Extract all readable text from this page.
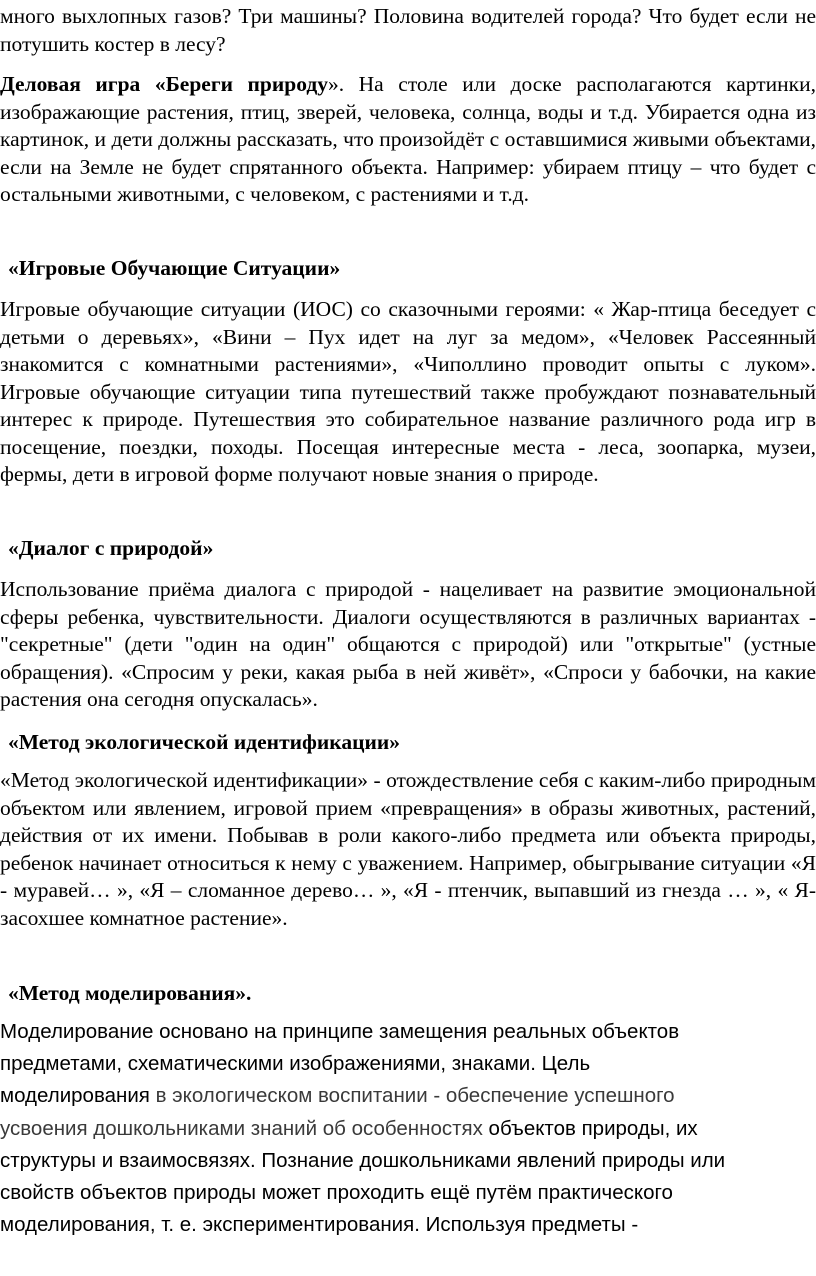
много выхлопных газов? Три машины? Половина водителей города? Что будет если не потушить костер в лесу?

Деловая игра «Береги природу». На столе или доске располагаются картинки, изображающие растения, птиц, зверей, человека, солнца, воды и т.д. Убирается одна из картинок, и дети должны рассказать, что произойдёт с оставшимися живыми объектами, если на Земле не будет спрятанного объекта. Например: убираем птицу – что будет с остальными животными, с человеком, с растениями и т.д.

«Игровые Обучающие Ситуации»

Игровые обучающие ситуации (ИОС) со сказочными героями: « Жар-птица беседует с детьми о деревьях», «Вини – Пух идет на луг за медом», «Человек Рассеянный знакомится с комнатными растениями», «Чиполлино проводит опыты с луком». Игровые обучающие ситуации типа путешествий также пробуждают познавательный интерес к природе. Путешествия это собирательное название различного рода игр в посещение, поездки, походы. Посещая интересные места - леса, зоопарка, музеи, фермы, дети в игровой форме получают новые знания о природе.

«Диалог с природой»

Использование приёма диалога с природой - нацеливает на развитие эмоциональной сферы ребенка, чувствительности. Диалоги осуществляются в различных вариантах - "секретные" (дети "один на один" общаются с природой) или "открытые" (устные обращения). «Спросим у реки, какая рыба в ней живёт», «Спроси у бабочки, на какие растения она сегодня опускалась».

«Метод экологической идентификации»

«Метод экологической идентификации» - отождествление себя с каким-либо природным объектом или явлением, игровой прием «превращения» в образы животных, растений, действия от их имени. Побывав в роли какого-либо предмета или объекта природы, ребенок начинает относиться к нему с уважением. Например, обыгрывание ситуации «Я - муравей… », «Я – сломанное дерево… », «Я - птенчик, выпавший из гнезда … », « Я- засохшее комнатное растение».

«Метод моделирования».
Моделирование основано на принципе замещения реальных объектов
предметами, схематическими изображениями, знаками. Цель
моделирования в экологическом воспитании - обеспечение успешного
усвоения дошкольниками знаний об особенностях объектов природы, их
структуры и взаимосвязях. Познание дошкольниками явлений природы или
свойств объектов природы может проходить ещё путём практического
моделирования, т. е. экспериментирования. Используя предметы -
